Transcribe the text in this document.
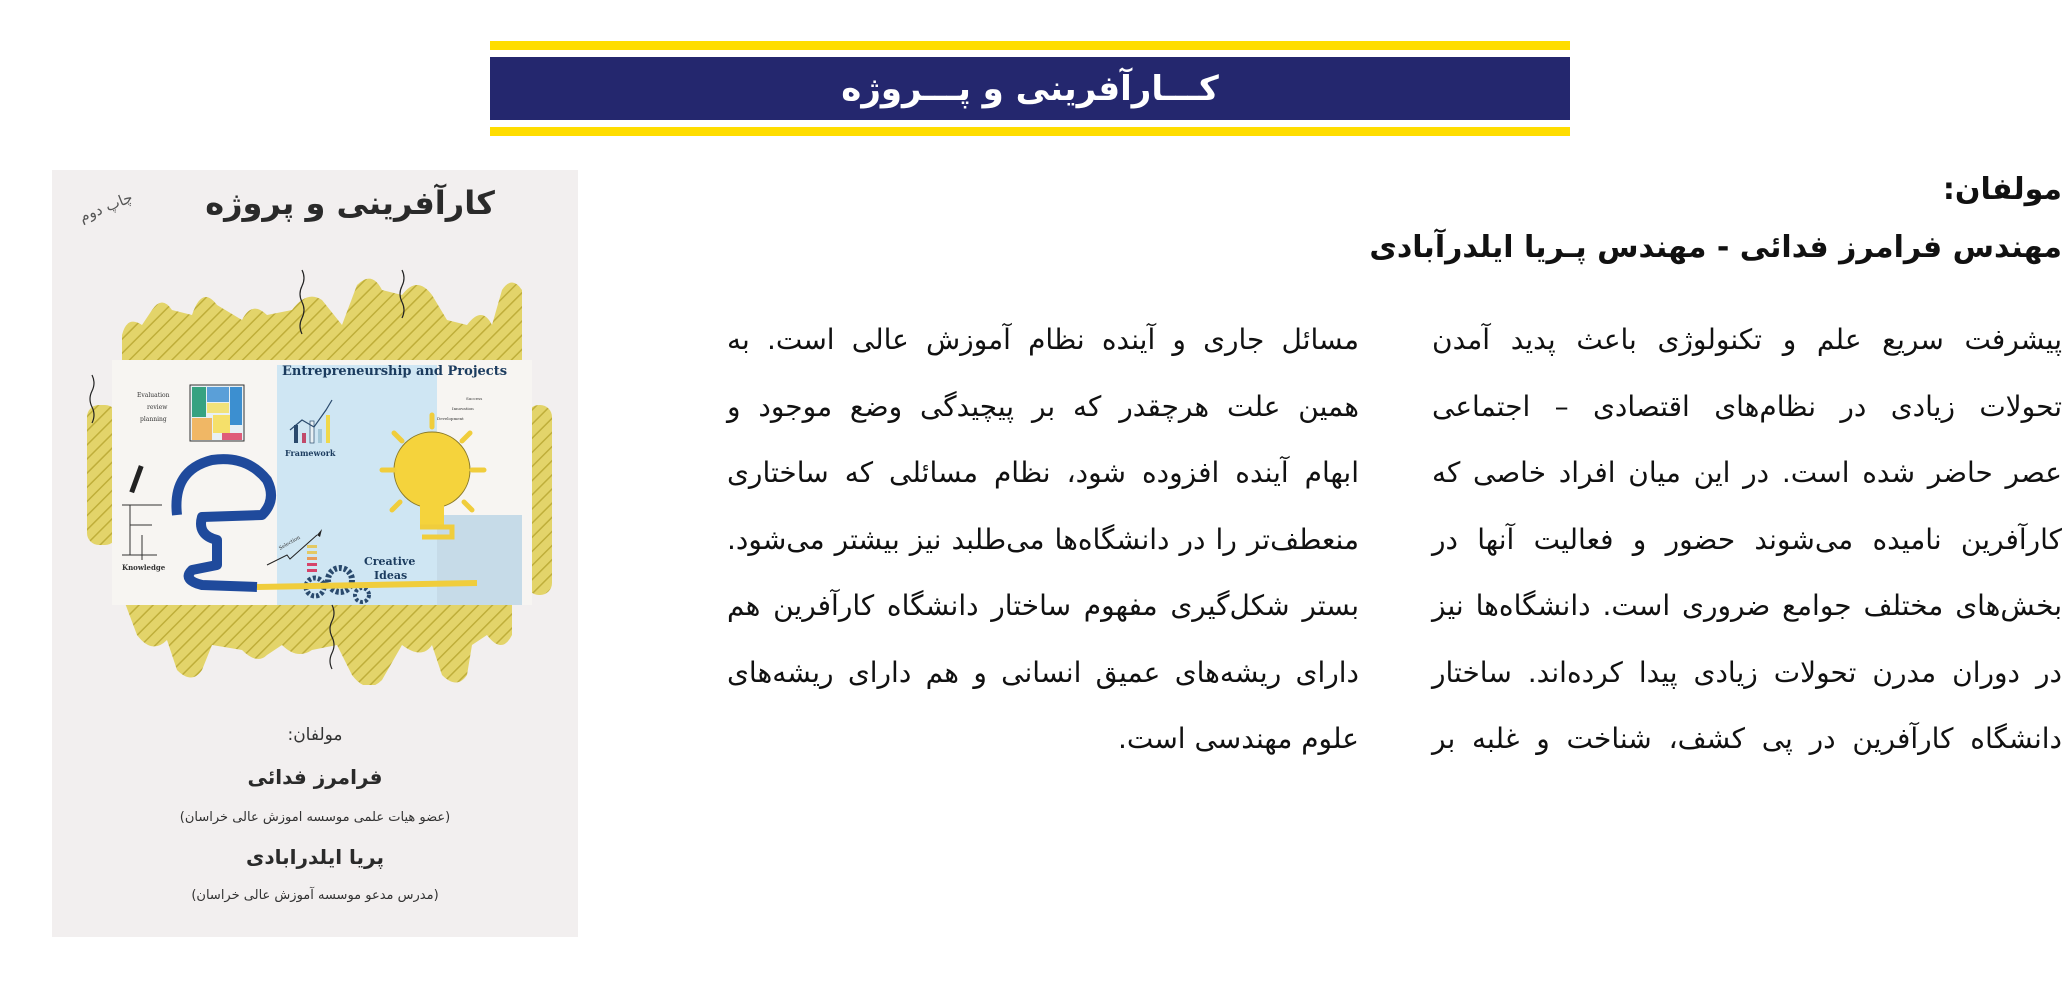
کـــارآفرینی و پـــروژه
مولفان:
مهندس فرامرز فدائی - مهندس پـریا ایلدرآبادی
پیشرفت سریع علم و تکنولوژی باعث پدید آمدن
تحولات زیادی در نظام‌های اقتصادی – اجتماعی
عصر حاضر شده است. در این میان افراد خاصی که
کارآفرین نامیده می‌شوند حضور و فعالیت آنها در
بخش‌های مختلف جوامع ضروری است. دانشگاه‌ها نیز
در دوران مدرن تحولات زیادی پیدا کرده‌اند. ساختار
دانشگاه کارآفرین در پی کشف، شناخت و غلبه بر
مسائل جاری و آینده نظام آموزش عالی است. به
همین علت هرچقدر که بر پیچیدگی وضع موجود و
ابهام آینده افزوده شود، نظام مسائلی که ساختاری
منعطف‌تر را در دانشگاه‌ها می‌طلبد نیز بیشتر می‌شود.
بستر شکل‌گیری مفهوم ساختار دانشگاه کارآفرین هم
دارای ریشه‌های عمیق انسانی و هم دارای ریشه‌های
علوم مهندسی است.
کارآفرینی و پروژه
چاپ دوم
Entrepreneurship and Projects
Evaluation
review
planning
Framework
Knowledge
Selection
Success
Innovation
Development
Creative
Ideas
مولفان:
فرامرز فدائی
(عضو هیات علمی موسسه اموزش عالی خراسان)
پریا ایلدرابادی
(مدرس مدعو موسسه آموزش عالی خراسان)
